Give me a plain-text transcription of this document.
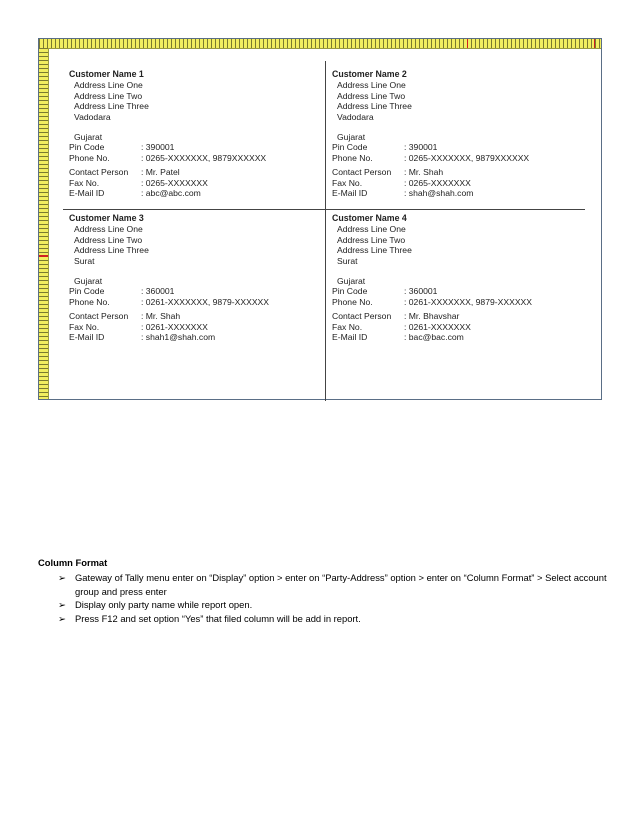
Customer Name 1
Address Line One
Address Line Two
Address Line Three
Vadodara
Gujarat
Pin Code	: 390001
Phone No.	: 0265-XXXXXXX, 9879XXXXXX
Contact Person	: Mr. Patel
Fax No.	: 0265-XXXXXXX
E-Mail ID	: abc@abc.com
Customer Name 2
Address Line One
Address Line Two
Address Line Three
Vadodara
Gujarat
Pin Code	: 390001
Phone No.	: 0265-XXXXXXX, 9879XXXXXX
Contact Person	: Mr. Shah
Fax No.	: 0265-XXXXXXX
E-Mail ID	: shah@shah.com
Customer Name 3
Address Line One
Address Line Two
Address Line Three
Surat
Gujarat
Pin Code	: 360001
Phone No.	: 0261-XXXXXXX, 9879-XXXXXX
Contact Person	: Mr. Shah
Fax No.	: 0261-XXXXXXX
E-Mail ID	: shah1@shah.com
Customer Name 4
Address Line One
Address Line Two
Address Line Three
Surat
Gujarat
Pin Code	: 360001
Phone No.	: 0261-XXXXXXX, 9879-XXXXXX
Contact Person	: Mr. Bhavshar
Fax No.	: 0261-XXXXXXX
E-Mail ID	: bac@bac.com
Column Format
➢ Gateway of Tally menu enter on “Display” option > enter on “Party-Address” option > enter on “Column Format” > Select account group and press enter
➢ Display only party name while report open.
➢ Press F12 and set option “Yes” that filed column will be add in report.
